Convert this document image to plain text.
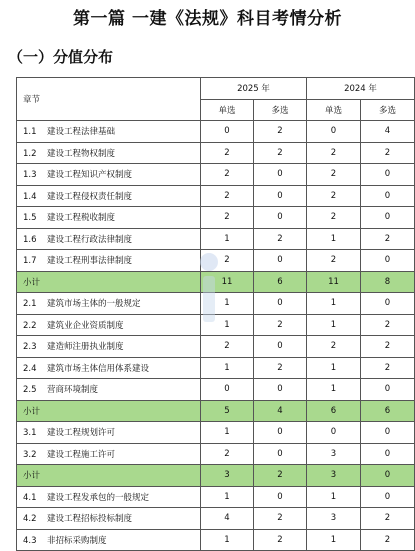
第一篇 一建《法规》科目考情分析
（一）分值分布
章节	2025 年		2024 年	
	单选	多选	单选	多选
1.1 建设工程法律基础	0	2	0	4
1.2 建设工程物权制度	2	2	2	2
1.3 建设工程知识产权制度	2	0	2	0
1.4 建设工程侵权责任制度	2	0	2	0
1.5 建设工程税收制度	2	0	2	0
1.6 建设工程行政法律制度	1	2	1	2
1.7 建设工程刑事法律制度	2	0	2	0
小计	11	6	11	8
2.1 建筑市场主体的一般规定	1	0	1	0
2.2 建筑业企业资质制度	1	2	1	2
2.3 建造师注册执业制度	2	0	2	2
2.4 建筑市场主体信用体系建设	1	2	1	2
2.5 营商环境制度	0	0	1	0
小计	5	4	6	6
3.1 建设工程规划许可	1	0	0	0
3.2 建设工程施工许可	2	0	3	0
小计	3	2	3	0
4.1 建设工程发承包的一般规定	1	0	1	0
4.2 建设工程招标投标制度	4	2	3	2
4.3 非招标采购制度	1	2	1	2
